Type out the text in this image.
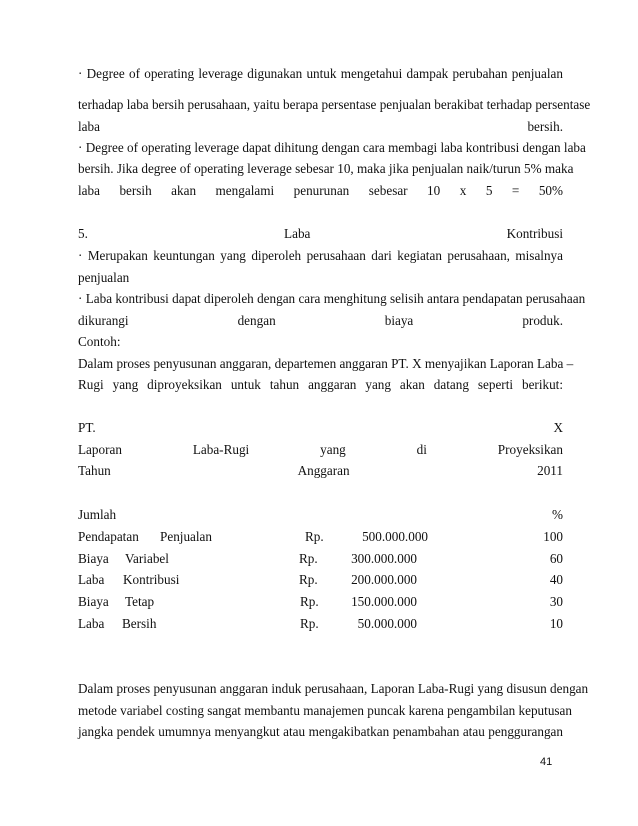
· Degree of operating leverage digunakan untuk mengetahui dampak perubahan penjualan
terhadap laba bersih perusahaan, yaitu berapa persentase penjualan berakibat terhadap persentase
laba bersih.
· Degree of operating leverage dapat dihitung dengan cara membagi laba kontribusi dengan laba
bersih. Jika degree of operating leverage sebesar 10, maka jika penjualan naik/turun 5% maka
laba bersih akan mengalami penurunan sebesar 10 x 5 = 50%
5. Laba Kontribusi
· Merupakan keuntungan yang diperoleh perusahaan dari kegiatan perusahaan, misalnya
penjualan
· Laba kontribusi dapat diperoleh dengan cara menghitung selisih antara pendapatan perusahaan
dikurangi dengan biaya produk.
Contoh:
Dalam proses penyusunan anggaran, departemen anggaran PT. X menyajikan Laporan Laba –
Rugi yang diproyeksikan untuk tahun anggaran yang akan datang seperti berikut:
PT. X
Laporan Laba-Rugi yang di Proyeksikan
Tahun Anggaran 2011
Jumlah	%
Pendapatan Penjualan	Rp.	500.000.000	100
Biaya Variabel	Rp.	300.000.000	60
Laba Kontribusi	Rp.	200.000.000	40
Biaya Tetap	Rp. 150.000.000	30
Laba Bersih	Rp.	50.000.000	10
Dalam proses penyusunan anggaran induk perusahaan, Laporan Laba-Rugi yang disusun dengan
metode variabel costing sangat membantu manajemen puncak karena pengambilan keputusan
jangka pendek umumnya menyangkut atau mengakibatkan penambahan atau penggurangan
41
